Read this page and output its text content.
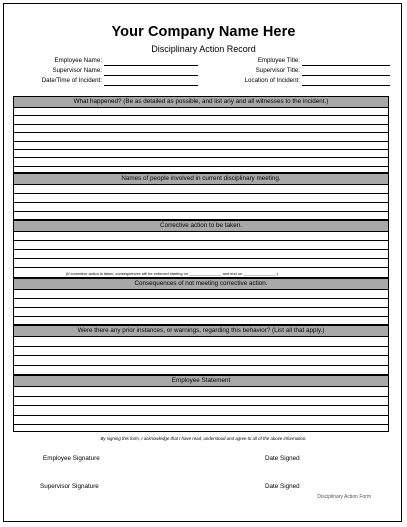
Your Company Name Here
Disciplinary Action Record
Employee Name:
Supervisor Name:
Date/Time of Incident:
Employee Title:
Supervisor Title:
Location of Incident:
What happened? (Be as detailed as possible, and list any and all witnesses to the incident.)
Names of people involved in current disciplinary meeting.
Corrective action to be taken.
(If corrective action is taken, consequences will be enforced starting on _______________ and end on _______________.)
Consequences of not meeting corrective action.
Were there any prior instances, or warnings, regarding this behavior? (List all that apply.)
Employee Statement
By signing this form, I acknowledge that I have read, understood and agree to all of the above information.
Employee Signature	Date Signed
Supervisor Signature	Date Signed
Disciplinary Action Form
